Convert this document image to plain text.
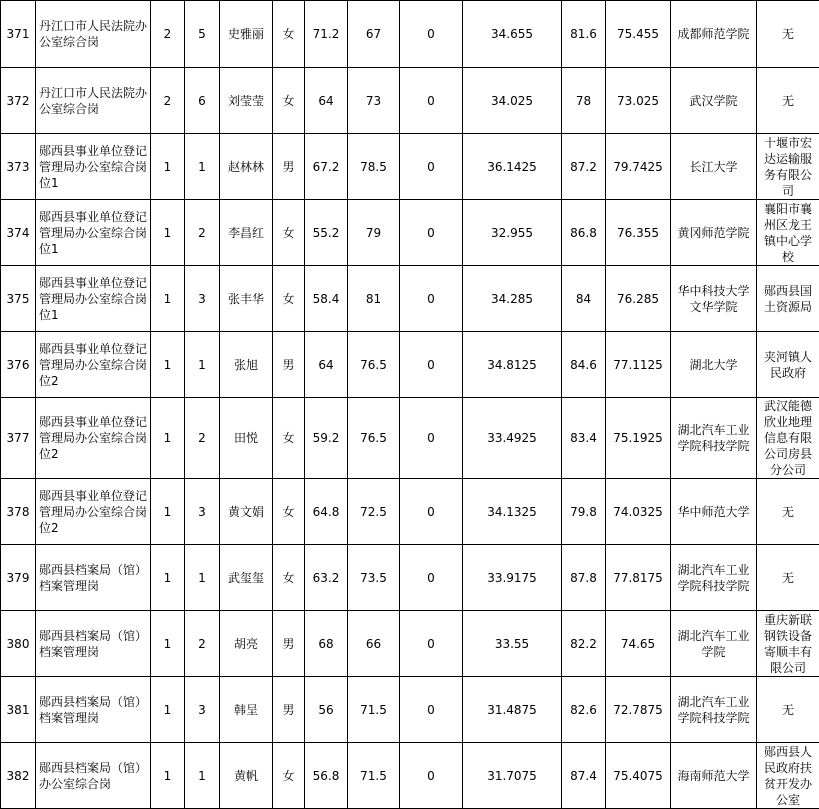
371	丹江口市人民法院办公室综合岗	2	5	史雅丽	女	71.2	67	0	34.655	81.6	75.455	成都师范学院	无
372	丹江口市人民法院办公室综合岗	2	6	刘莹莹	女	64	73	0	34.025	78	73.025	武汉学院	无
373	郧西县事业单位登记管理局办公室综合岗位1	1	1	赵林林	男	67.2	78.5	0	36.1425	87.2	79.7425	长江大学	十堰市宏达运输服务有限公司
374	郧西县事业单位登记管理局办公室综合岗位1	1	2	李昌红	女	55.2	79	0	32.955	86.8	76.355	黄冈师范学院	襄阳市襄州区龙王镇中心学校
375	郧西县事业单位登记管理局办公室综合岗位1	1	3	张丰华	女	58.4	81	0	34.285	84	76.285	华中科技大学文华学院	郧西县国土资源局
376	郧西县事业单位登记管理局办公室综合岗位2	1	1	张旭	男	64	76.5	0	34.8125	84.6	77.1125	湖北大学	夹河镇人民政府
377	郧西县事业单位登记管理局办公室综合岗位2	1	2	田悦	女	59.2	76.5	0	33.4925	83.4	75.1925	湖北汽车工业学院科技学院	武汉能德欣业地理信息有限公司房县分公司
378	郧西县事业单位登记管理局办公室综合岗位2	1	3	黄文娟	女	64.8	72.5	0	34.1325	79.8	74.0325	华中师范大学	无
379	郧西县档案局（馆）档案管理岗	1	1	武玺玺	女	63.2	73.5	0	33.9175	87.8	77.8175	湖北汽车工业学院科技学院	无
380	郧西县档案局（馆）档案管理岗	1	2	胡亮	男	68	66	0	33.55	82.2	74.65	湖北汽车工业学院	重庆新联钢铁设备寄顺丰有限公司
381	郧西县档案局（馆）档案管理岗	1	3	韩呈	男	56	71.5	0	31.4875	82.6	72.7875	湖北汽车工业学院科技学院	无
382	郧西县档案局（馆）办公室综合岗	1	1	黄帆	女	56.8	71.5	0	31.7075	87.4	75.4075	海南师范大学	郧西县人民政府扶贫开发办公室
